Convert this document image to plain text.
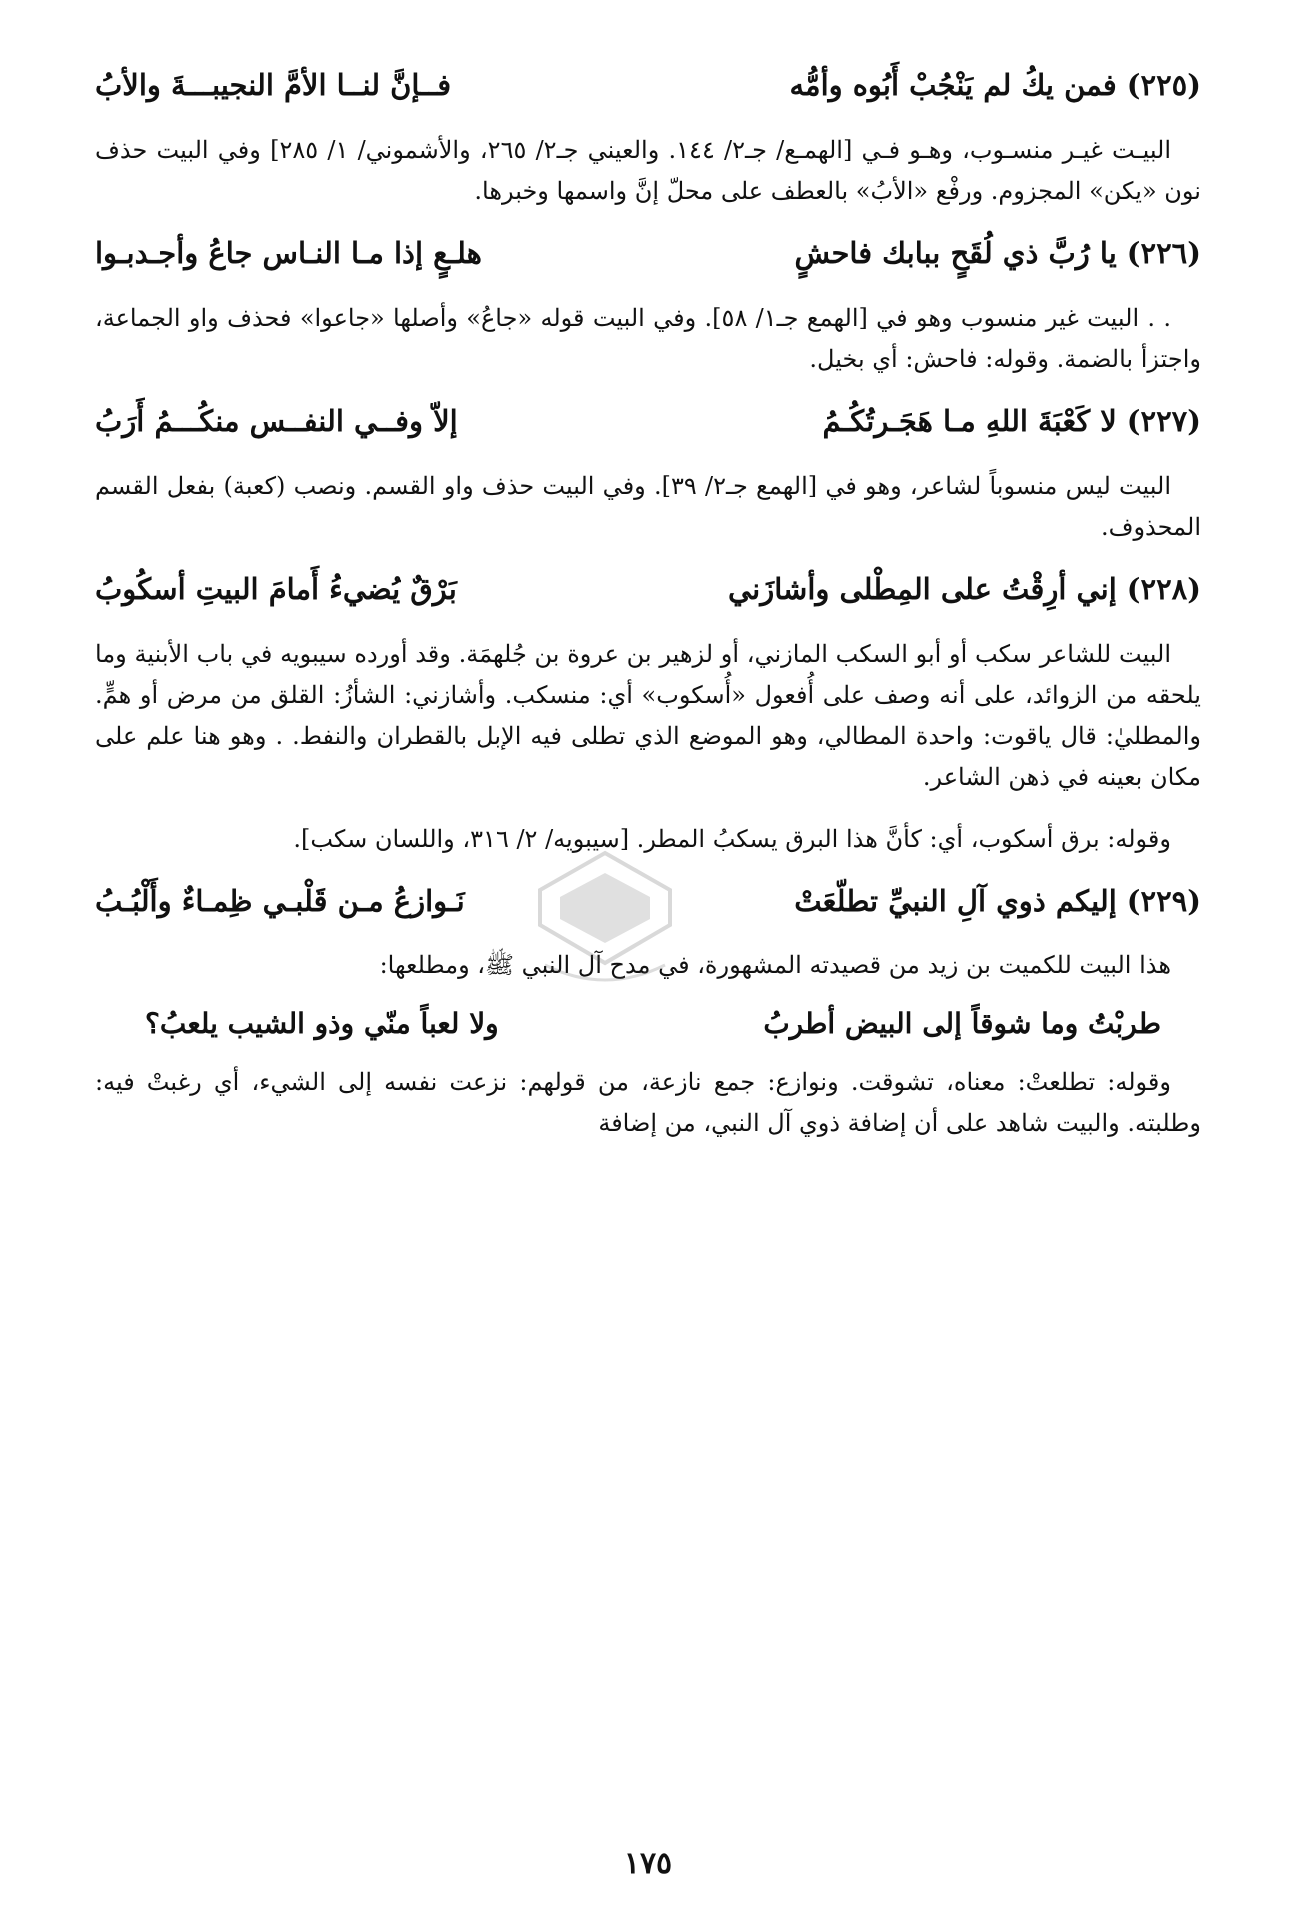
(٢٢٥)
فمن يكُ لم يَنْجُبْ أَبُوه وأمُّه
فــإنَّ لنــا الأمَّ النجيبـــةَ والأبُ

البيـت غيـر منسـوب، وهـو فـي [الهمـع/ جـ٢/ ١٤٤. والعيني جـ٢/ ٢٦٥، والأشموني/ ١/ ٢٨٥] وفي البيت حذف نون «يكن» المجزوم. ورفْع «الأبُ» بالعطف على محلّ إنَّ واسمها وخبرها.

(٢٢٦)
يا رُبَّ ذي لُقَحٍ ببابك فاحشٍ
هلـعٍ إذا مـا النـاس جاعُ وأجـدبـوا

. . البيت غير منسوب وهو في [الهمع جـ١/ ٥٨]. وفي البيت قوله «جاعُ» وأصلها «جاعوا» فحذف واو الجماعة، واجتزأ بالضمة. وقوله: فاحش: أي بخيل.

(٢٢٧)
لا كَعْبَةَ اللهِ مـا هَجَـرتُكُـمُ
إلاّ وفــي النفــس منكُـــمُ أَرَبُ

البيت ليس منسوباً لشاعر، وهو في [الهمع جـ٢/ ٣٩]. وفي البيت حذف واو القسم. ونصب (كعبة) بفعل القسم المحذوف.

(٢٢٨)
إني أرِقْتُ على المِطْلى وأشازَني
بَرْقٌ يُضيءُ أَمامَ البيتِ أسكُوبُ

البيت للشاعر سكب أو أبو السكب المازني، أو لزهير بن عروة بن جُلهمَة. وقد أورده سيبويه في باب الأبنية وما يلحقه من الزوائد، على أنه وصف على أُفعول «أُسكوب» أي: منسكب. وأشازني: الشأزُ: القلق من مرض أو همٍّ. والمطليٰ: قال ياقوت: واحدة المطالي، وهو الموضع الذي تطلى فيه الإبل بالقطران والنفط. . وهو هنا علم على مكان بعينه في ذهن الشاعر.

وقوله: برق أسكوب، أي: كأنَّ هذا البرق يسكبُ المطر. [سيبويه/ ٢/ ٣١٦، واللسان سكب].

(٢٢٩)
إليكم ذوي آلِ النبيِّ تطلّعَتْ
نَـوازعُ مـن قَلْبـي ظِمـاءٌ وأَلْبُـبُ

هذا البيت للكميت بن زيد من قصيدته المشهورة، في مدح آل النبي ﷺ، ومطلعها:

طربْتُ وما شوقاً إلى البيض أطربُ
ولا لعباً منّي وذو الشيب يلعبُ؟

وقوله: تطلعتْ: معناه، تشوقت. ونوازع: جمع نازعة، من قولهم: نزعت نفسه إلى الشيء، أي رغبتْ فيه: وطلبته. والبيت شاهد على أن إضافة ذوي آل النبي، من إضافة

١٧٥
